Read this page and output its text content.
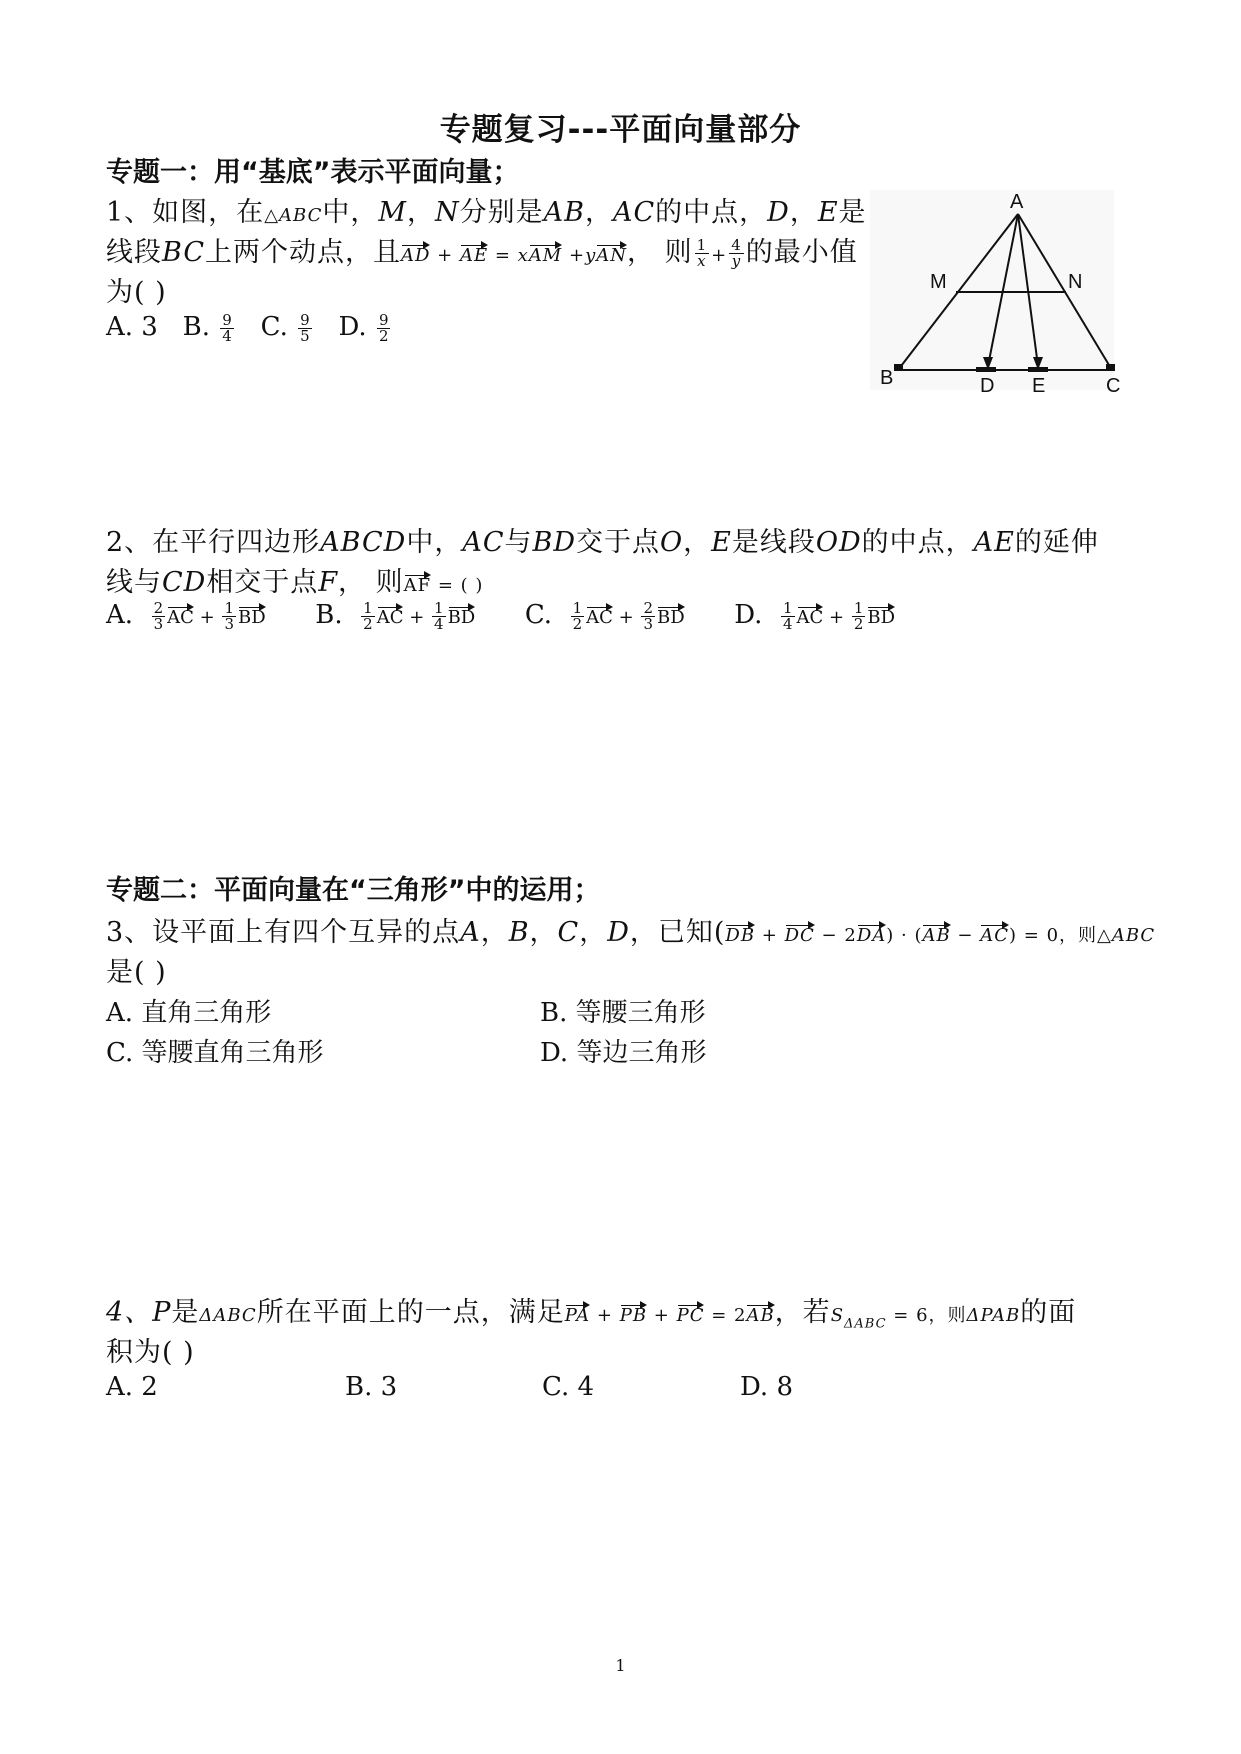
专题复习---平面向量部分
专题一：用“基底”表示平面向量；
1、如图，在△ABC中，M，N分别是AB，AC的中点，D，E是
线段BC上两个动点，且AD + AE = xAM +yAN， 则 $\frac{1}{x} + \frac{4}{y}$ 的最小值
为( )
A. 3 B. $\frac{9}{4} C$. $\frac{9}{5} D$. $\frac{9}{2}$
A
M	N
B	D E	C
2、在平行四边形ABCD中，AC与BD交于点O，E是线段OD的中点，AE的延伸
线与CD相交于点F， 则AF = ( )
A. $\frac{2}{3}$ AC + $\frac{1}{3}$ BD B. $\frac{1}{2}$ AC + $\frac{1}{4}$ BD C. $\frac{1}{2}$ AC + $\frac{2}{3}$ BD D. $\frac{1}{4}$ AC + $\frac{1}{2}$ BD
专题二：平面向量在“三角形”中的运用；
3、设平面上有四个互异的点A，B，C，D，已知(DB + DC − 2DA) · (AB − AC) = 0，则△ABC
是( )
A. 直角三角形	B. 等腰三角形
C. 等腰直角三角形	D. 等边三角形
4、P是ΔABC所在平面上的一点，满足PA + PB + PC = 2AB，若$S_{\Delta ABC} = 6$，则ΔPAB的面
积为( )
A. 2	B. 3	C. 4	D. 8
1
